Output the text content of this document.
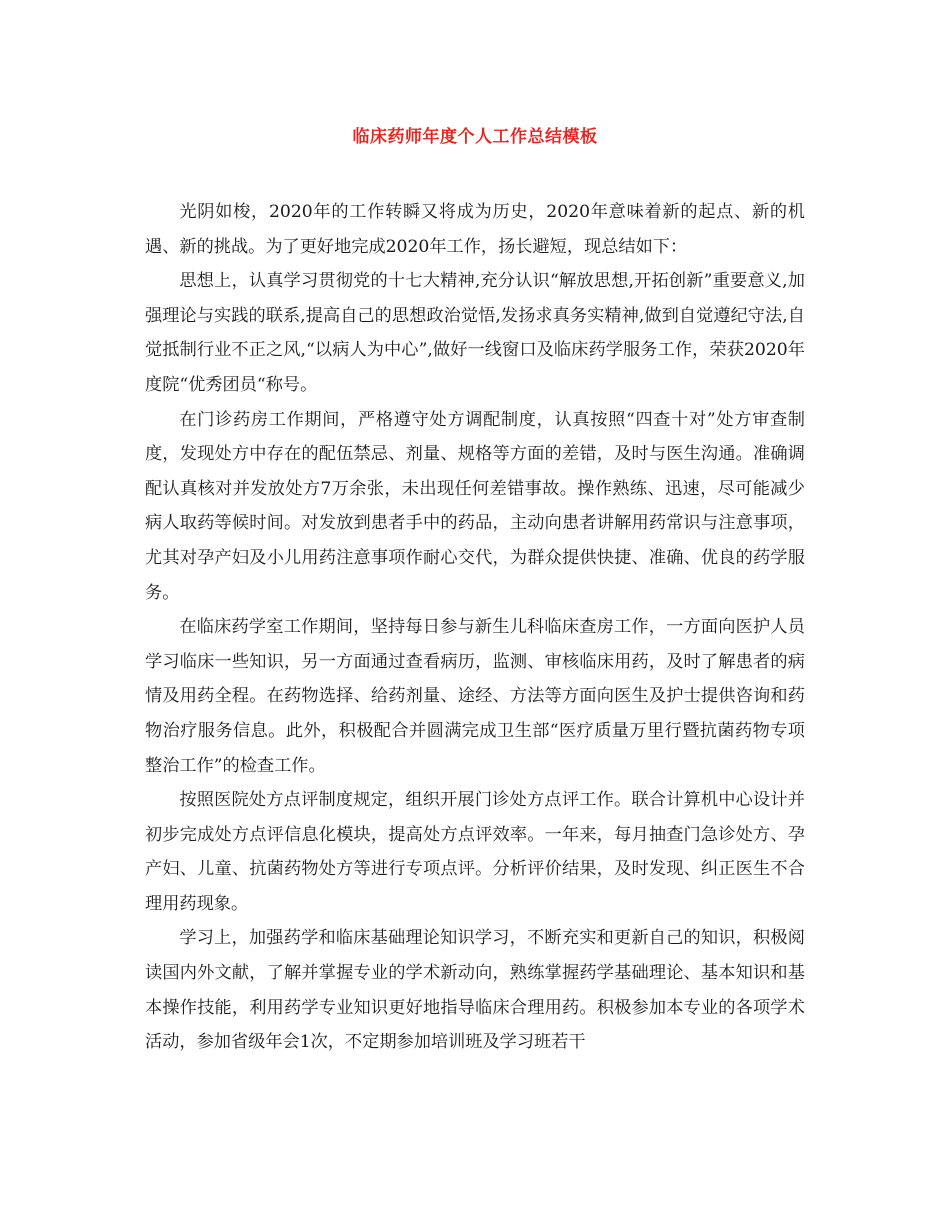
临床药师年度个人工作总结模板

光阴如梭，2020年的工作转瞬又将成为历史，2020年意味着新的起点、新的机遇、新的挑战。为了更好地完成2020年工作，扬长避短，现总结如下：

思想上，认真学习贯彻党的十七大精神,充分认识“解放思想,开拓创新”重要意义,加强理论与实践的联系,提高自己的思想政治觉悟,发扬求真务实精神,做到自觉遵纪守法,自觉抵制行业不正之风,“以病人为中心”,做好一线窗口及临床药学服务工作，荣获2020年度院“优秀团员“称号。

在门诊药房工作期间，严格遵守处方调配制度，认真按照“四查十对”处方审查制度，发现处方中存在的配伍禁忌、剂量、规格等方面的差错，及时与医生沟通。准确调配认真核对并发放处方7万余张，未出现任何差错事故。操作熟练、迅速，尽可能减少病人取药等候时间。对发放到患者手中的药品，主动向患者讲解用药常识与注意事项，尤其对孕产妇及小儿用药注意事项作耐心交代，为群众提供快捷、准确、优良的药学服务。

在临床药学室工作期间，坚持每日参与新生儿科临床查房工作，一方面向医护人员学习临床一些知识，另一方面通过查看病历，监测、审核临床用药，及时了解患者的病情及用药全程。在药物选择、给药剂量、途经、方法等方面向医生及护士提供咨询和药物治疗服务信息。此外，积极配合并圆满完成卫生部“医疗质量万里行暨抗菌药物专项整治工作”的检查工作。

按照医院处方点评制度规定，组织开展门诊处方点评工作。联合计算机中心设计并初步完成处方点评信息化模块，提高处方点评效率。一年来，每月抽查门急诊处方、孕产妇、儿童、抗菌药物处方等进行专项点评。分析评价结果，及时发现、纠正医生不合理用药现象。

学习上，加强药学和临床基础理论知识学习，不断充实和更新自己的知识，积极阅读国内外文献，了解并掌握专业的学术新动向，熟练掌握药学基础理论、基本知识和基本操作技能，利用药学专业知识更好地指导临床合理用药。积极参加本专业的各项学术活动，参加省级年会1次，不定期参加培训班及学习班若干
